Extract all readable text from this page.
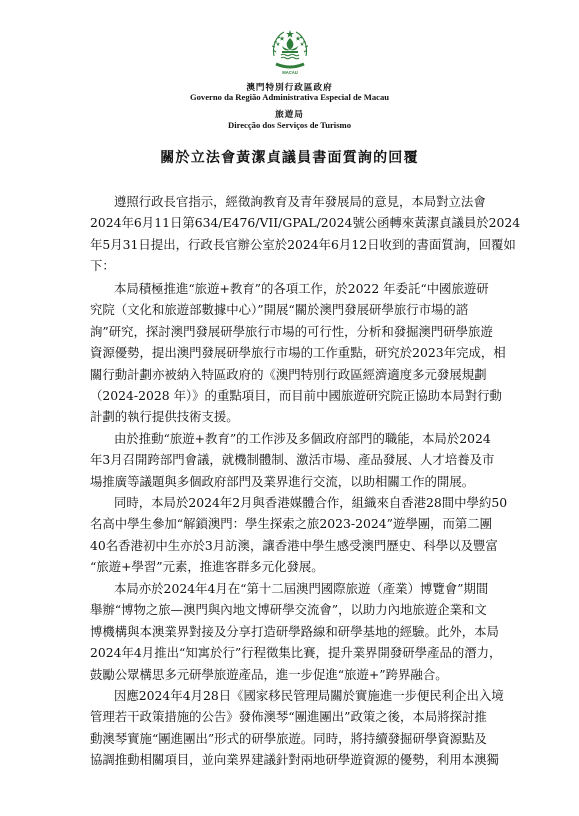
MACAU
澳門特別行政區政府
Governo da Região Administrativa Especial de Macau
旅遊局
Direcção dos Serviços de Turismo
關於立法會黃潔貞議員書面質詢的回覆
遵照行政長官指示，經徵詢教育及青年發展局的意見，本局對立法會
2024年6月11日第634/E476/VII/GPAL/2024號公函轉來黃潔貞議員於2024
年5月31日提出，行政長官辦公室於2024年6月12日收到的書面質詢，回覆如
下：
本局積極推進“旅遊+教育”的各項工作，於2022 年委託“中國旅遊研
究院（文化和旅遊部數據中心）”開展“關於澳門發展研學旅行市場的諮
詢”研究，探討澳門發展研學旅行市場的可行性，分析和發掘澳門研學旅遊
資源優勢，提出澳門發展研學旅行市場的工作重點，研究於2023年完成，相
關行動計劃亦被納入特區政府的《澳門特別行政區經濟適度多元發展規劃
（2024-2028 年）》的重點項目，而目前中國旅遊研究院正協助本局對行動
計劃的執行提供技術支援。
由於推動“旅遊+教育”的工作涉及多個政府部門的職能，本局於2024
年3月召開跨部門會議，就機制體制、激活市場、產品發展、人才培養及市
場推廣等議題與多個政府部門及業界進行交流，以助相關工作的開展。
同時，本局於2024年2月與香港媒體合作，組織來自香港28間中學約50
名高中學生參加“解鎖澳門：學生探索之旅2023-2024”遊學團，而第二團
40名香港初中生亦於3月訪澳，讓香港中學生感受澳門歷史、科學以及豐富
“旅遊+學習”元素，推進客群多元化發展。
本局亦於2024年4月在“第十二屆澳門國際旅遊（產業）博覽會”期間
舉辦“博物之旅—澳門與內地文博研學交流會”，以助力內地旅遊企業和文
博機構與本澳業界對接及分享打造研學路線和研學基地的經驗。此外，本局
2024年4月推出“知寓於行”行程徵集比賽，提升業界開發研學產品的潛力，
鼓勵公眾構思多元研學旅遊產品，進一步促進“旅遊+”跨界融合。
因應2024年4月28日《國家移民管理局關於實施進一步便民利企出入境
管理若干政策措施的公告》發佈澳琴“團進團出”政策之後，本局將探討推
動澳琴實施“團進團出”形式的研學旅遊。同時，將持續發掘研學資源點及
協調推動相關項目，並向業界建議針對兩地研學遊資源的優勢，利用本澳獨
